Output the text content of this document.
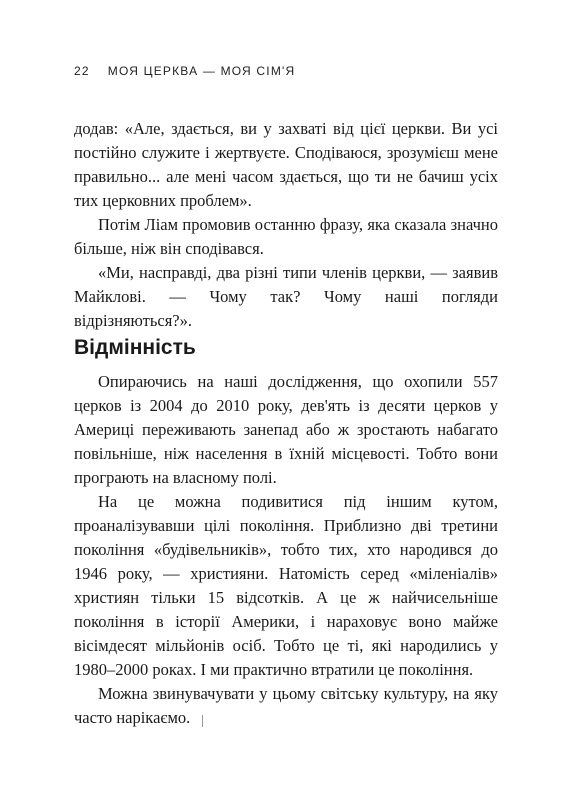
22 МОЯ ЦЕРКВА — МОЯ СІМ'Я

додав: «Але, здається, ви у захваті від цієї церкви. Ви усі постійно служите і жертвуєте. Сподіваюся, зрозумієш мене правильно... але мені часом здається, що ти не бачиш усіх тих церковних проблем».

Потім Ліам промовив останню фразу, яка сказала значно більше, ніж він сподівався.

«Ми, насправді, два різні типи членів церкви, — заявив Майклові. — Чому так? Чому наші погляди відрізняються?».

Відмінність

Опираючись на наші дослідження, що охопили 557 церков із 2004 до 2010 року, дев'ять із десяти церков у Америці переживають занепад або ж зростають набагато повільніше, ніж населення в їхній місцевості. Тобто вони програють на власному полі.

На це можна подивитися під іншим кутом, проаналізувавши цілі покоління. Приблизно дві третини покоління «будівельників», тобто тих, хто народився до 1946 року, — християни. Натомість серед «міленіалів» християн тільки 15 відсотків. А це ж найчисельніше покоління в історії Америки, і нараховує воно майже вісімдесят мільйонів осіб. Тобто це ті, які народились у 1980–2000 роках. І ми практично втратили це покоління.

Можна звинувачувати у цьому світську культуру, на яку часто нарікаємо.
